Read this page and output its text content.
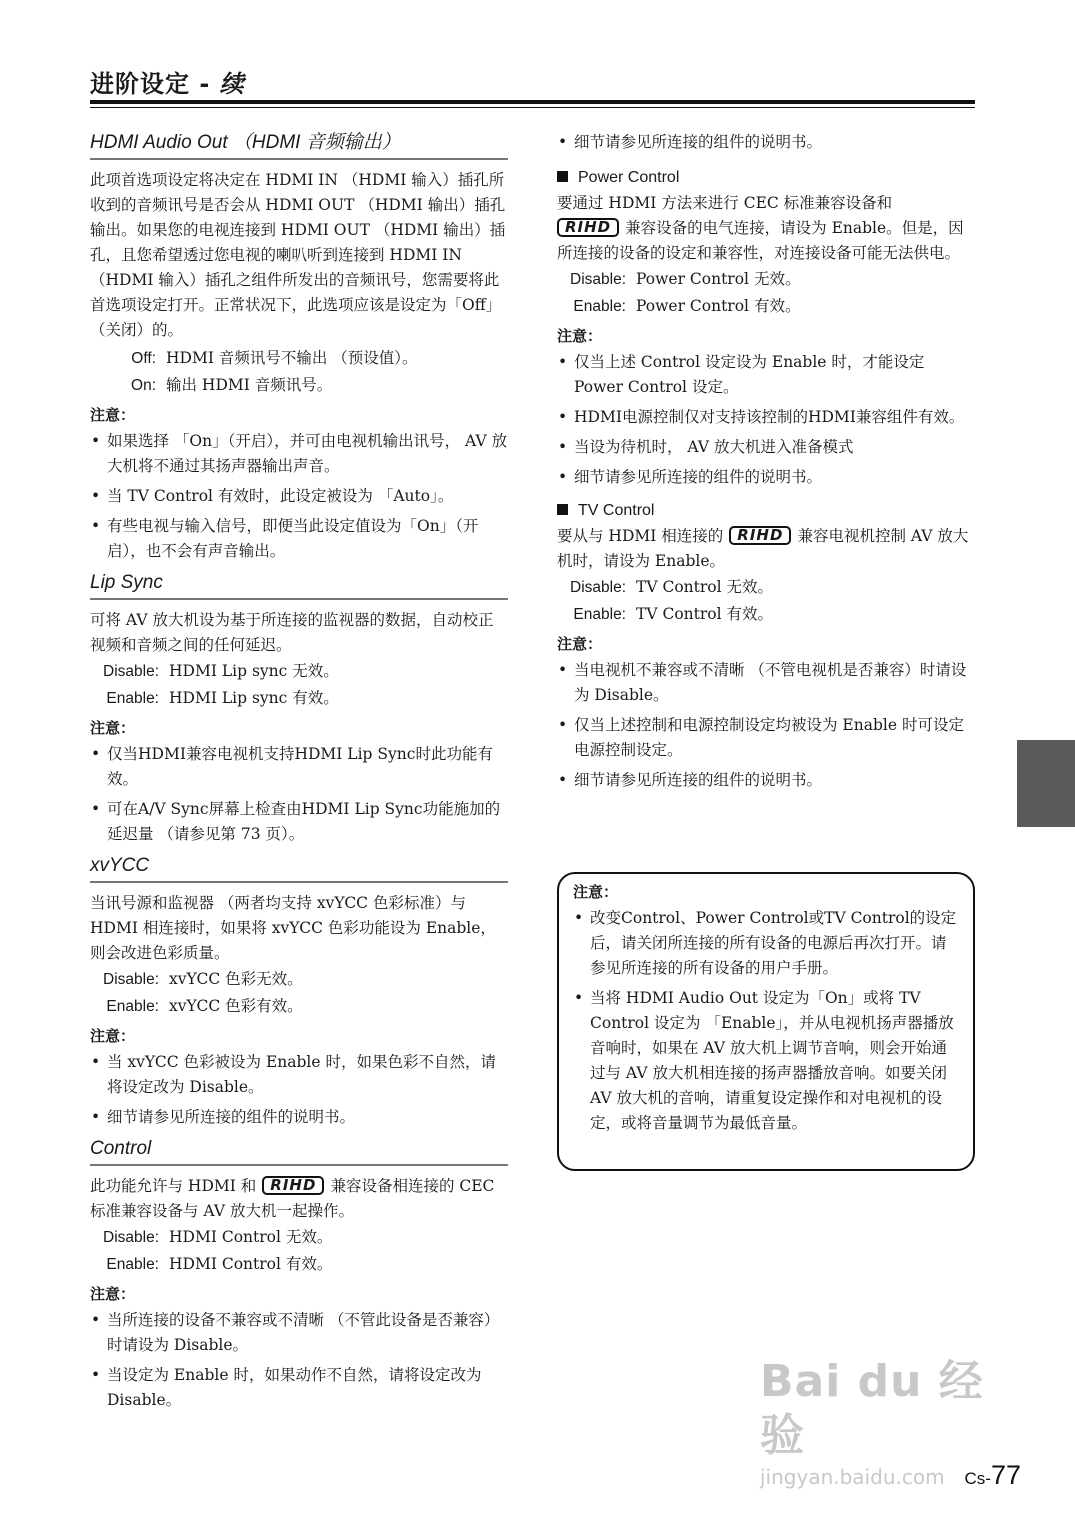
进阶设定 - 续
HDMI Audio Out （HDMI 音频输出）

此项首选项设定将决定在 HDMI IN （HDMI 输入）插孔所收到的音频讯号是否会从 HDMI OUT （HDMI 输出）插孔输出。如果您的电视连接到 HDMI OUT （HDMI 输出）插孔，且您希望透过您电视的喇叭听到连接到 HDMI IN （HDMI 输入）插孔之组件所发出的音频讯号，您需要将此首选项设定打开。正常状况下，此选项应该是设定为「Off」（关闭）的。

Off: HDMI 音频讯号不输出 （预设值）。
On: 输出 HDMI 音频讯号。
注意：
• 如果选择 「On」（开启），并可由电视机输出讯号， AV 放大机将不通过其扬声器输出声音。
• 当 TV Control 有效时，此设定被设为 「Auto」。
• 有些电视与输入信号，即便当此设定值设为「On」（开启），也不会有声音输出。
Lip Sync

可将 AV 放大机设为基于所连接的监视器的数据，自动校正视频和音频之间的任何延迟。

Disable: HDMI Lip sync 无效。
Enable: HDMI Lip sync 有效。
注意：
• 仅当HDMI兼容电视机支持HDMI Lip Sync时此功能有效。
• 可在A/V Sync屏幕上检查由HDMI Lip Sync功能施加的延迟量 （请参见第 73 页）。
xvYCC

当讯号源和监视器 （两者均支持 xvYCC 色彩标准）与 HDMI 相连接时，如果将 xvYCC 色彩功能设为 Enable，则会改进色彩质量。

Disable: xvYCC 色彩无效。
Enable: xvYCC 色彩有效。
注意：
• 当 xvYCC 色彩被设为 Enable 时，如果色彩不自然，请将设定改为 Disable。
• 细节请参见所连接的组件的说明书。
Control

此功能允许与 HDMI 和 RIHD 兼容设备相连接的 CEC 标准兼容设备与 AV 放大机一起操作。

Disable: HDMI Control 无效。
Enable: HDMI Control 有效。
注意：
• 当所连接的设备不兼容或不清晰 （不管此设备是否兼容）时请设为 Disable。
• 当设定为 Enable 时，如果动作不自然，请将设定改为 Disable。
• 细节请参见所连接的组件的说明书。
Power Control

要通过 HDMI 方法来进行 CEC 标准兼容设备和
RIHD 兼容设备的电气连接，请设为 Enable。但是，因所连接的设备的设定和兼容性，对连接设备可能无法供电。

Disable: Power Control 无效。
Enable: Power Control 有效。
注意：
• 仅当上述 Control 设定设为 Enable 时，才能设定 Power Control 设定。
• HDMI电源控制仅对支持该控制的HDMI兼容组件有效。
• 当设为待机时， AV 放大机进入准备模式
• 细节请参见所连接的组件的说明书。
TV Control

要从与 HDMI 相连接的 RIHD 兼容电视机控制 AV 放大机时，请设为 Enable。

Disable: TV Control 无效。
Enable: TV Control 有效。
注意：
• 当电视机不兼容或不清晰 （不管电视机是否兼容）时请设为 Disable。
• 仅当上述控制和电源控制设定均被设为 Enable 时可设定电源控制设定。
• 细节请参见所连接的组件的说明书。
注意：
• 改变Control、Power Control或TV Control的设定后，请关闭所连接的所有设备的电源后再次打开。请参见所连接的所有设备的用户手册。
• 当将 HDMI Audio Out 设定为「On」或将 TV Control 设定为 「Enable」，并从电视机扬声器播放音响时，如果在 AV 放大机上调节音响，则会开始通过与 AV 放大机相连接的扬声器播放音响。如要关闭 AV 放大机的音响，请重复设定操作和对电视机的设定，或将音量调节为最低音量。
Bai du 经验
jingyan.baidu.com	Cs-77
